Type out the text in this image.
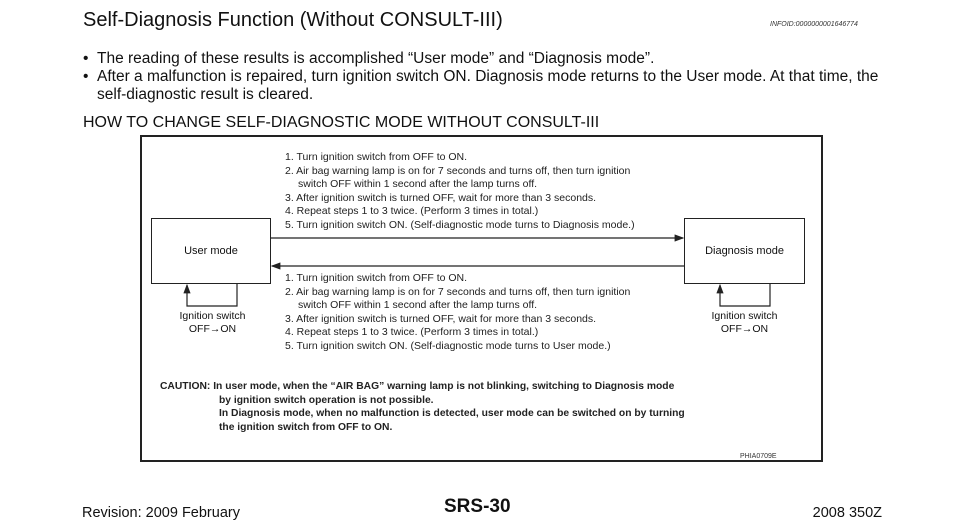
Self-Diagnosis Function (Without CONSULT-III)	INFOID:0000000001646774
• The reading of these results is accomplished “User mode” and “Diagnosis mode”.
• After a malfunction is repaired, turn ignition switch ON. Diagnosis mode returns to the User mode. At that time, the self-diagnostic result is cleared.
HOW TO CHANGE SELF-DIAGNOSTIC MODE WITHOUT CONSULT-III
1. Turn ignition switch from OFF to ON.
2. Air bag warning lamp is on for 7 seconds and turns off, then turn ignition
switch OFF within 1 second after the lamp turns off.
3. After ignition switch is turned OFF, wait for more than 3 seconds.
4. Repeat steps 1 to 3 twice. (Perform 3 times in total.)
5. Turn ignition switch ON. (Self-diagnostic mode turns to Diagnosis mode.)
User mode	Diagnosis mode
1. Turn ignition switch from OFF to ON.
2. Air bag warning lamp is on for 7 seconds and turns off, then turn ignition
switch OFF within 1 second after the lamp turns off.
3. After ignition switch is turned OFF, wait for more than 3 seconds.
4. Repeat steps 1 to 3 twice. (Perform 3 times in total.)
5. Turn ignition switch ON. (Self-diagnostic mode turns to User mode.)
Ignition switch
OFF→ON
Ignition switch
OFF→ON
CAUTION: In user mode, when the “AIR BAG” warning lamp is not blinking, switching to Diagnosis mode
by ignition switch operation is not possible.
In Diagnosis mode, when no malfunction is detected, user mode can be switched on by turning
the ignition switch from OFF to ON.
PHIA0709E
Revision: 2009 February	SRS-30	2008 350Z
